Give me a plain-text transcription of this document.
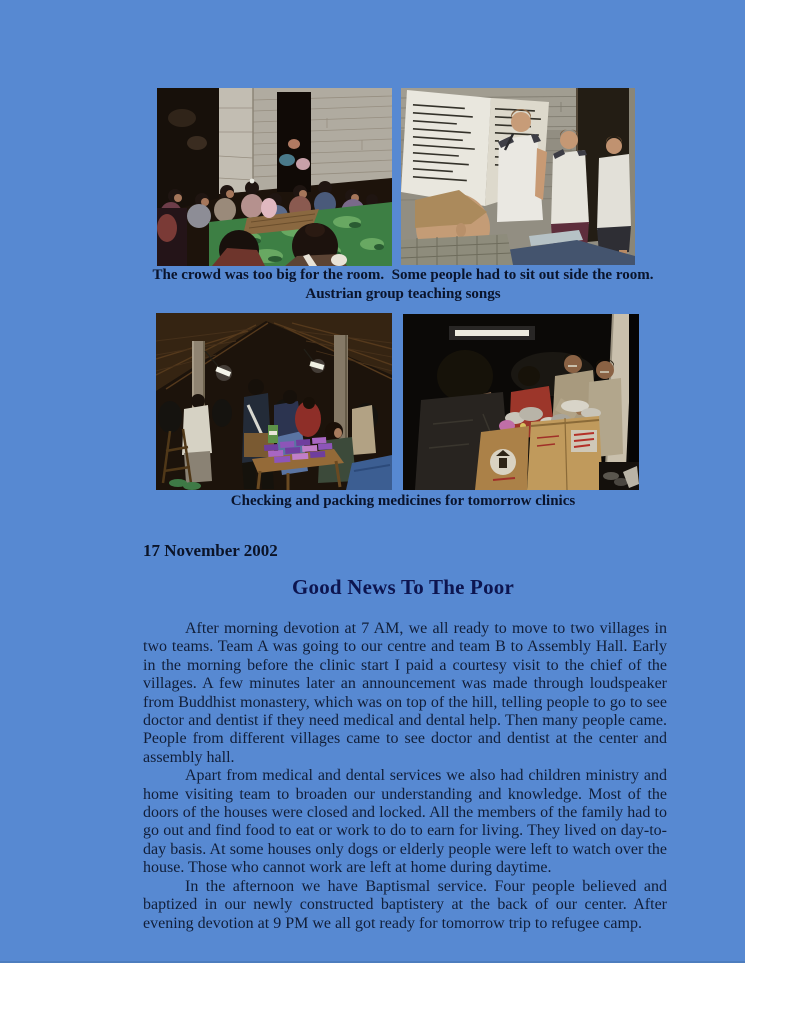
The crowd was too big for the room.  Some people had to sit out side the room.
Austrian group teaching songs
Checking and packing medicines for tomorrow clinics
17 November 2002
Good News To The Poor

After morning devotion at 7 AM, we all ready to move to two villages in two teams. Team A was going to our centre and team B to Assembly Hall. Early in the morning before the clinic start I paid a courtesy visit to the chief of the villages. A few minutes later an announcement was made through loudspeaker from Buddhist monastery, which was on top of the hill, telling people to go to see doctor and dentist if they need medical and dental help. Then many people came. People from different villages came to see doctor and dentist at the center and assembly hall.

Apart from medical and dental services we also had children ministry and home visiting team to broaden our understanding and knowledge. Most of the doors of the houses were closed and locked. All the members of the family had to go out and find food to eat or work to do to earn for living. They lived on day-to-day basis. At some houses only dogs or elderly people were left to watch over the house. Those who cannot work are left at home during daytime.

In the afternoon we have Baptismal service. Four people believed and baptized in our newly constructed baptistery at the back of our center. After evening devotion at 9 PM we all got ready for tomorrow trip to refugee camp.
